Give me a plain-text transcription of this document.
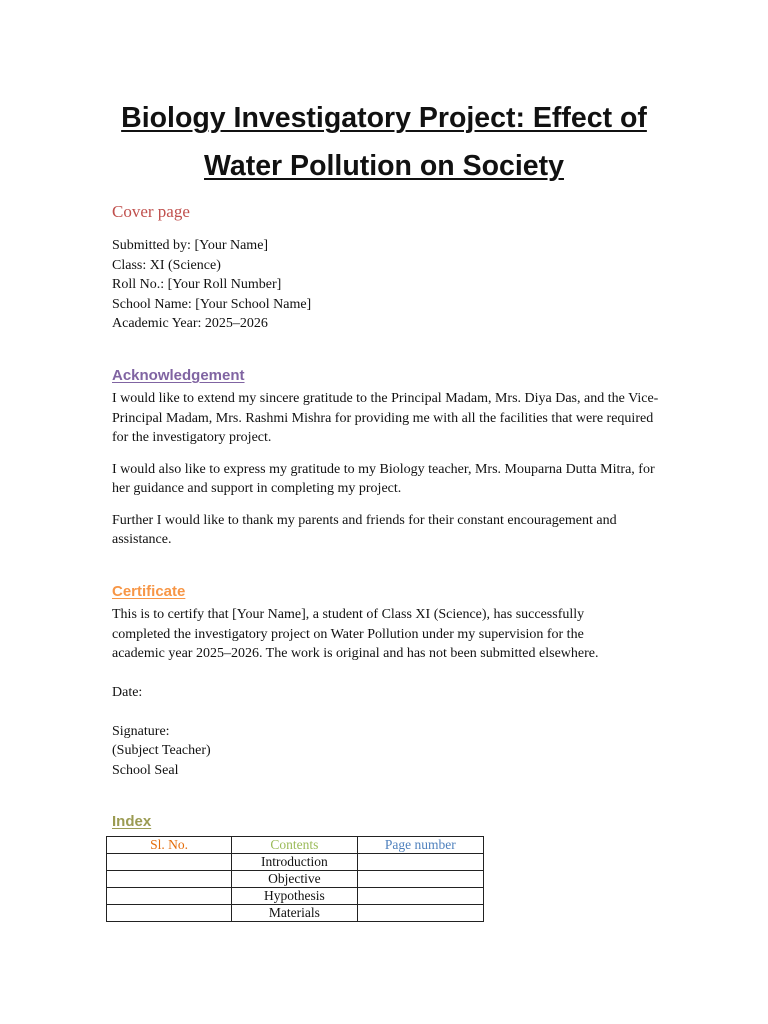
Biology Investigatory Project: Effect of
Water Pollution on Society

Cover page

Submitted by: [Your Name]

Class: XI (Science)

Roll No.: [Your Roll Number]

School Name: [Your School Name]

Academic Year: 2025–2026

Acknowledgement

I would like to extend my sincere gratitude to the Principal Madam, Mrs. Diya Das, and the Vice-Principal Madam, Mrs. Rashmi Mishra for providing me with all the facilities that were required for the investigatory project.

I would also like to express my gratitude to my Biology teacher, Mrs. Mouparna Dutta Mitra, for her guidance and support in completing my project.

Further I would like to thank my parents and friends for their constant encouragement and assistance.

Certificate

This is to certify that [Your Name], a student of Class XI (Science), has successfully completed the investigatory project on Water Pollution under my supervision for the academic year 2025–2026. The work is original and has not been submitted elsewhere.

Date:

Signature:

(Subject Teacher)

School Seal

Index

Sl. No.	Contents	Page number
	Introduction	
	Objective	
	Hypothesis	
	Materials	
